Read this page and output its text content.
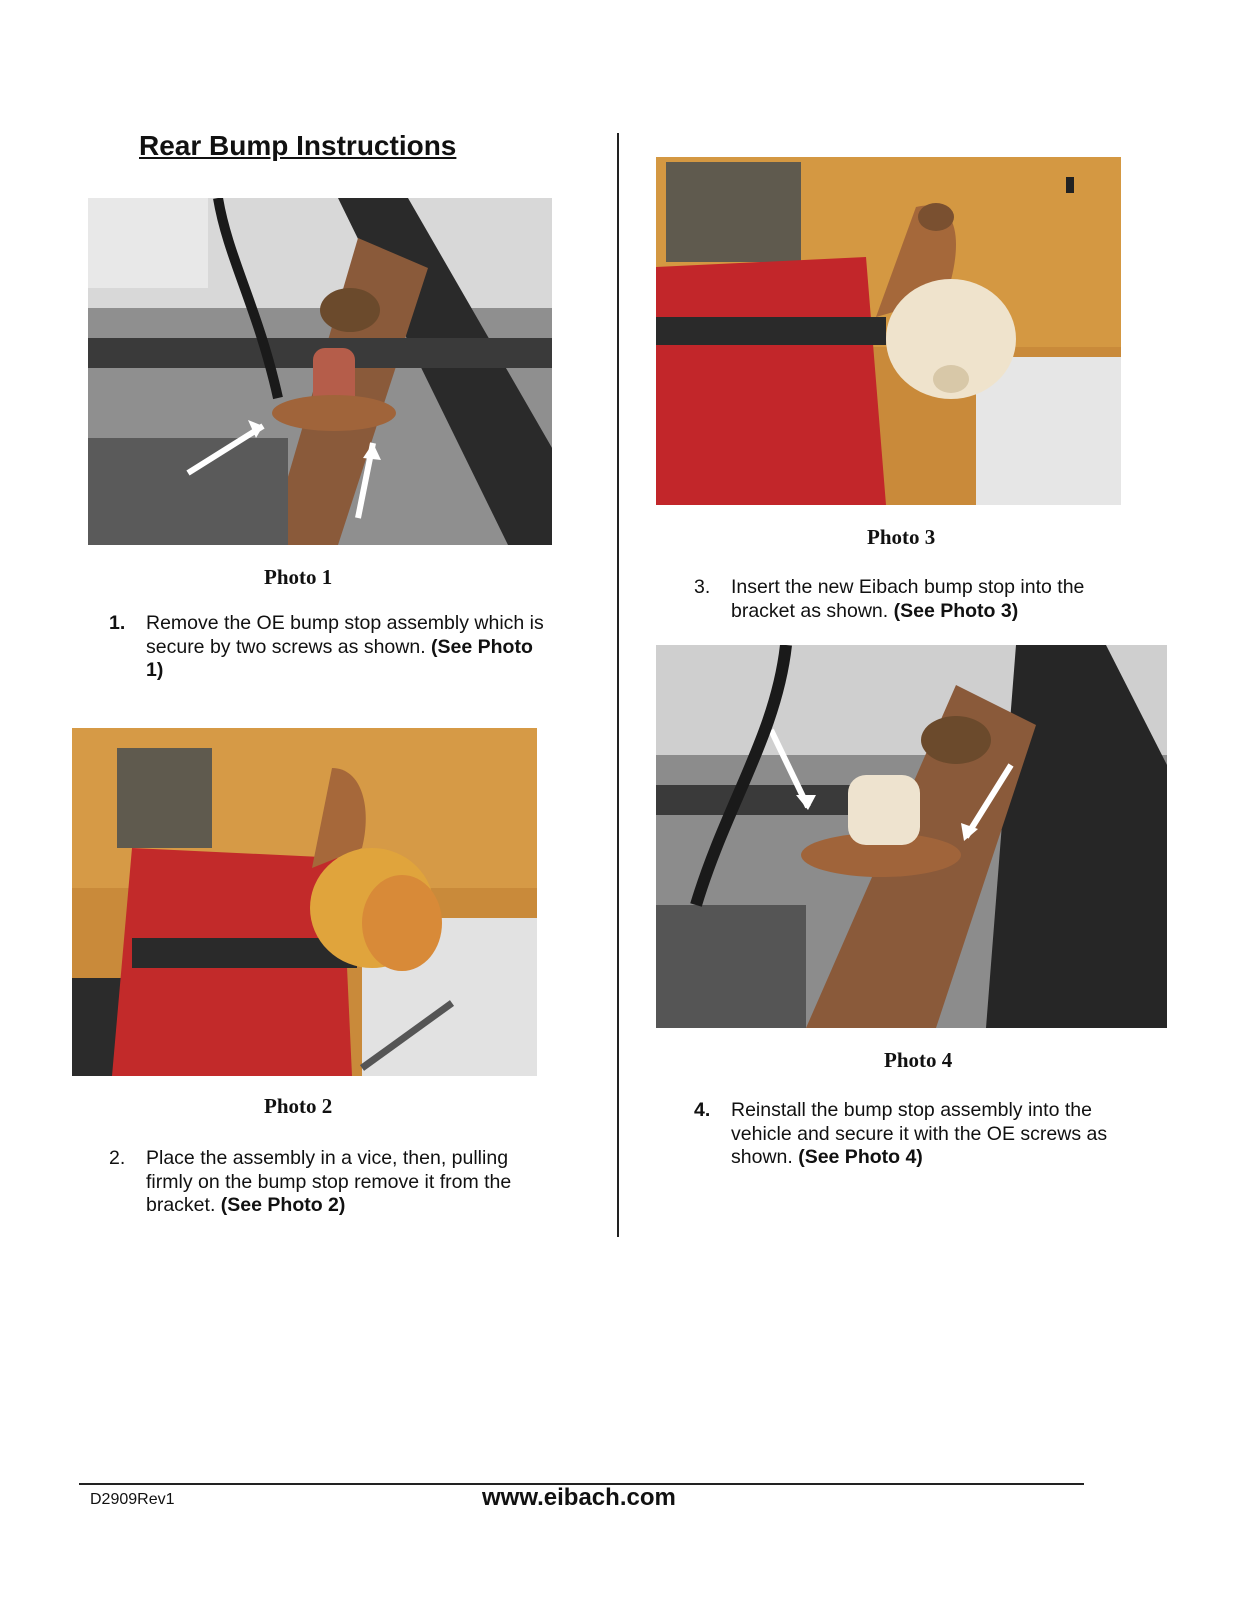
Rear Bump Instructions
Photo 1
1. Remove the OE bump stop assembly which is secure by two screws as shown. (See Photo 1)
Photo 2
2. Place the assembly in a vice, then, pulling firmly on the bump stop remove it from the bracket. (See Photo 2)
Photo 3
3. Insert the new Eibach bump stop into the bracket as shown. (See Photo 3)
Photo 4
4. Reinstall the bump stop assembly into the vehicle and secure it with the OE screws as shown. (See Photo 4)
D2909Rev1	www.eibach.com
